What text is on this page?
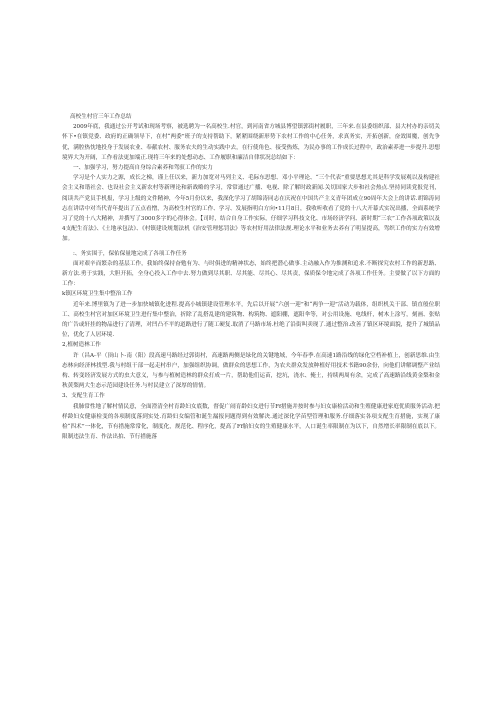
高校生村官三年工作总结

2009年底，我通过公开考试和现场考察，被选聘为一名高校生.村官，到河南省方城县博望镇郭街村履职，三年来.在县委组织部、县大村办的亲切关怀下•在镇党委、政府的正确领导下，在村“两委”班子的支持帮助下，紧紧围绕新形势下农村工作的中心任务，求真务实，开拓创新，奋效围魔，创先争优，满腔热忱地投身于发展农业、奉献农村、服务农夫的生动实践中去，在行使角色、接受热炼，为民办事的工作成长过程中，政治素养进一步提升.思想境界大为开阔，工作看法更加端正.现将三年来的处想动态、工作履职和廉洁自律状况总结如下：

一、加强学习，努力提高自身综合素养和驾驭工作的实力

学习是个人实力之源，成长之梯，谨上任以来，新力加宽对马列主义、毛际东思想、邓小平理论、“三个代表”重要思想尤其是科学发展观以及构建社会主义和谐社会、也设社会主义新农村等新理论和新战略的学习，常常通过广播、电视、除了解时政新闻.关切国家大步和社会热点.坚持同读党报党刊，阅读共产党员手机报，学习上级的文件精神，今年5月份以来，我深化学习了胡锦涛同志在庆祝在中国共产主义青年团成立90周年大会上的讲话.胡锦涛同志在讲话中对当代青年提出了五点看憎，为高校生村官的工作、学习、发展指明白方向•11月8日，我收听收看了党的十八大开幕式实况出播，全面系统学习了党的十八大精神，并撰写了3000多字的心得体会。【司时，结合自身工作实际，仔细学习科技文化、市场经济学问、新时期“三农”工作各项政策以及4支配生育法》、《土地承包法》、《村镇建设规划法机《治安管理惩罚法》等农村好用法律法规.理论水平和业务去养有了明显提高，驾织工作的实力有效增加。

:、务实围于，保佑保量地完成了各项工作任务

面对艰辛而繁杂的基层工作，我始终保持奋勉有为、与时俱进的精神状态，始终把潜心做事.主动融入作为推测和追求.不断探究农村工作的新思路、新方法.勇于实践，大胆开拓，全身心投入工作中去.努力做到尽其职、尽其能、尽其心、尽其责，保质保令地完成了各项工作任务。主要做了以下方面的工作：

k镇区环境卫生集中整治工作

近年来.博里镇为了进一步加快城镇化进程.提高小城镇建设管理水平，先后以开展“六创一迎”和“两争一迎”活动为载体，组织机关干部、镇直般位职工、高校生村官对加区环境卫生进行集中整治，折除了乱搭乱建的建筑物、构筑物、遮阳棚，遮阳伞等，对公用设施、电线杆，树木上涂写，刻画、张贴的广告或轩挂的物品进行了清理，对凹凸不平的道路进行了随工硬复.取消了马路市场.杜绝了沿街叫卖现了.通过整治.改善了镇区环境面貌，提升了城镇品位，优化了人居环境.

2,植树造林工作

许（昌A-平（顶山卜-南（阳）段高速马路经过郭街村，高速路两侧是绿化的关键地域，今年春季.在高速1路沿线的绿化空档补植上，创新思维.由生态林向经济林找型.我与村组干部一起走村串户，加强组织协调，做群众的思想工作，为农夫群众发放种植好用技术书籍90余份，向他们讲解调整产业结构、转变经济发展方式的虫大意义，与参与植树造林的群众打成一片，帮助他们运苗，挖坑，浇水、掩土，持续两周有余，完成了高速路沿线黄金梨和金秋黄梨两大生态示范园建设任务.与村民建立了深厚的情情。

3、支配生育工作

我肺常性地了解村情民意，全面澄清全村育龄妇女底数，督促广闹育龄妇女进行节Ff措施并按时参与妇女康检活动和生殖健康进家庭优质服务活动.把样龄妇女健康检变的各项制度落到实处.育龄妇女编管和诞生漏报问题得到有效解决.通过深化学苗型管理和服务.仔细落实各项支配生育措施，实现了康检“四术”一体化，节有措施常常化，制度化，规范化、程序化，提高了Ff胎妇女的生殖健康水平，人口诞生率限制在为以下，自然增长率限制在底以下。限制违法生育、作法出拍、节行措施落
